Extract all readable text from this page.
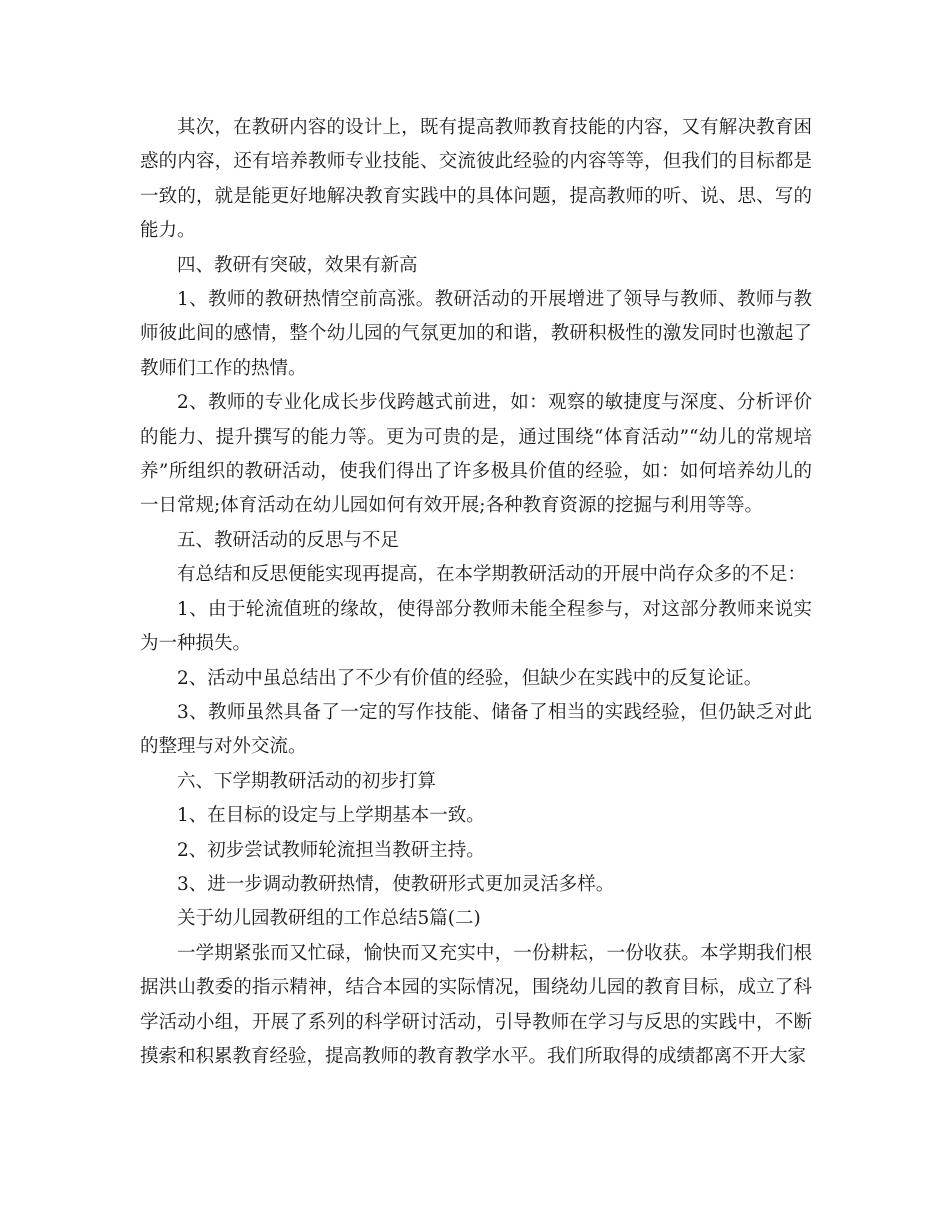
其次，在教研内容的设计上，既有提高教师教育技能的内容，又有解决教育困惑的内容，还有培养教师专业技能、交流彼此经验的内容等等，但我们的目标都是一致的，就是能更好地解决教育实践中的具体问题，提高教师的听、说、思、写的能力。

四、教研有突破，效果有新高

1、教师的教研热情空前高涨。教研活动的开展增进了领导与教师、教师与教师彼此间的感情，整个幼儿园的气氛更加的和谐，教研积极性的激发同时也激起了教师们工作的热情。

2、教师的专业化成长步伐跨越式前进，如：观察的敏捷度与深度、分析评价的能力、提升撰写的能力等。更为可贵的是，通过围绕“体育活动”“幼儿的常规培养”所组织的教研活动，使我们得出了许多极具价值的经验，如：如何培养幼儿的一日常规;体育活动在幼儿园如何有效开展;各种教育资源的挖掘与利用等等。

五、教研活动的反思与不足

有总结和反思便能实现再提高，在本学期教研活动的开展中尚存众多的不足：

1、由于轮流值班的缘故，使得部分教师未能全程参与，对这部分教师来说实为一种损失。

2、活动中虽总结出了不少有价值的经验，但缺少在实践中的反复论证。

3、教师虽然具备了一定的写作技能、储备了相当的实践经验，但仍缺乏对此的整理与对外交流。

六、下学期教研活动的初步打算

1、在目标的设定与上学期基本一致。

2、初步尝试教师轮流担当教研主持。

3、进一步调动教研热情，使教研形式更加灵活多样。

关于幼儿园教研组的工作总结5篇(二)

一学期紧张而又忙碌，愉快而又充实中，一份耕耘，一份收获。本学期我们根据洪山教委的指示精神，结合本园的实际情况，围绕幼儿园的教育目标，成立了科学活动小组，开展了系列的科学研讨活动，引导教师在学习与反思的实践中，不断摸索和积累教育经验，提高教师的教育教学水平。我们所取得的成绩都离不开大家
